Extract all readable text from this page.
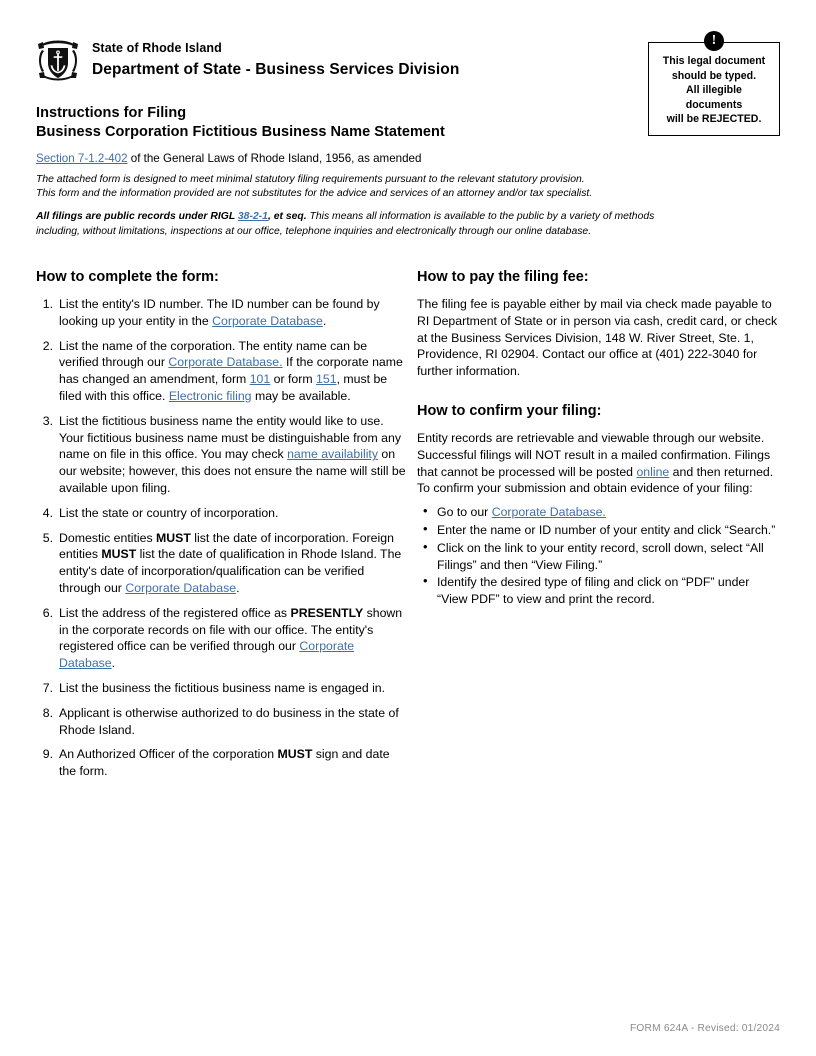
State of Rhode Island
Department of State - Business Services Division
!
This legal document
should be typed.
All illegible
documents
will be REJECTED.
Instructions for Filing
Business Corporation Fictitious Business Name Statement
Section 7-1.2-402 of the General Laws of Rhode Island, 1956, as amended
The attached form is designed to meet minimal statutory filing requirements pursuant to the relevant statutory provision.
This form and the information provided are not substitutes for the advice and services of an attorney and/or tax specialist.
All filings are public records under RIGL 38-2-1, et seq. This means all information is available to the public by a variety of methods including, without limitations, inspections at our office, telephone inquiries and electronically through our online database.
How to complete the form:
1. List the entity's ID number. The ID number can be found by looking up your entity in the Corporate Database.
2. List the name of the corporation. The entity name can be verified through our Corporate Database. If the corporate name has changed an amendment, form 101 or form 151, must be filed with this office. Electronic filing may be available.
3. List the fictitious business name the entity would like to use. Your fictitious business name must be distinguishable from any name on file in this office. You may check name availability on our website; however, this does not ensure the name will still be available upon filing.
4. List the state or country of incorporation.
5. Domestic entities MUST list the date of incorporation. Foreign entities MUST list the date of qualification in Rhode Island. The entity's date of incorporation/qualification can be verified through our Corporate Database.
6. List the address of the registered office as PRESENTLY shown in the corporate records on file with our office. The entity's registered office can be verified through our Corporate Database.
7. List the business the fictitious business name is engaged in.
8. Applicant is otherwise authorized to do business in the state of Rhode Island.
9. An Authorized Officer of the corporation MUST sign and date the form.
How to pay the filing fee:
The filing fee is payable either by mail via check made payable to RI Department of State or in person via cash, credit card, or check at the Business Services Division, 148 W. River Street, Ste. 1, Providence, RI 02904. Contact our office at (401) 222-3040 for further information.
How to confirm your filing:
Entity records are retrievable and viewable through our website. Successful filings will NOT result in a mailed confirmation. Filings that cannot be processed will be posted online and then returned. To confirm your submission and obtain evidence of your filing:
• Go to our Corporate Database.
• Enter the name or ID number of your entity and click “Search.”
• Click on the link to your entity record, scroll down, select “All Filings” and then “View Filing.”
• Identify the desired type of filing and click on “PDF” under “View PDF” to view and print the record.
FORM 624A - Revised: 01/2024
